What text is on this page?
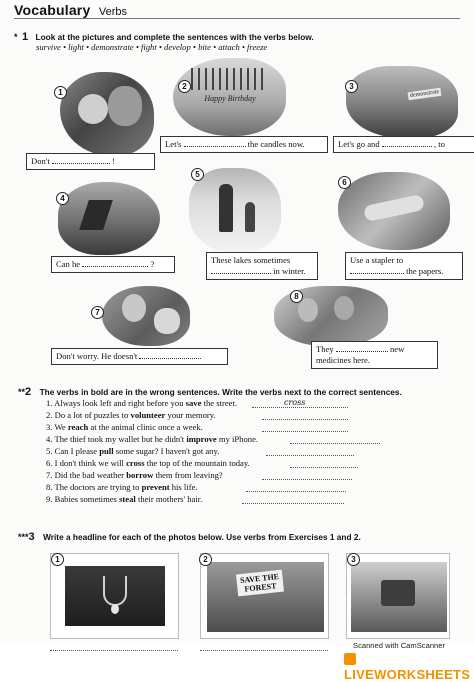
Vocabulary Verbs
* 1 Look at the pictures and complete the sentences with the verbs below.
survive • light • demonstrate • fight • develop • bite • attach • freeze
1
Don't	!
Happy Birthday
2
Let's	the candles now.
demonstrate
3
Let's go and	, to
4
Can he	?
5
These lakes sometimes
in winter.
6
Use a stapler to
the papers.
7
Don't worry. He doesn't	.
8
They	new
medicines here.
**2 The verbs in bold are in the wrong sentences. Write the verbs next to the correct sentences.
1. Always look left and right before you save the street.
2. Do a lot of puzzles to volunteer your memory.
3. We reach at the animal clinic once a week.
4. The thief took my wallet but he didn't improve my iPhone.
5. Can I please pull some sugar? I haven't got any.
6. I don't think we will cross the top of the mountain today.
7. Did the bad weather borrow them from leaving?
8. The doctors are trying to prevent his life.
9. Babies sometimes steal their mothers' hair.
cross
***3 Write a headline for each of the photos below. Use verbs from Exercises 1 and 2.
1
SAVE THE FOREST
2	3
Scanned with CamScanner
LIVEWORKSHEETS
